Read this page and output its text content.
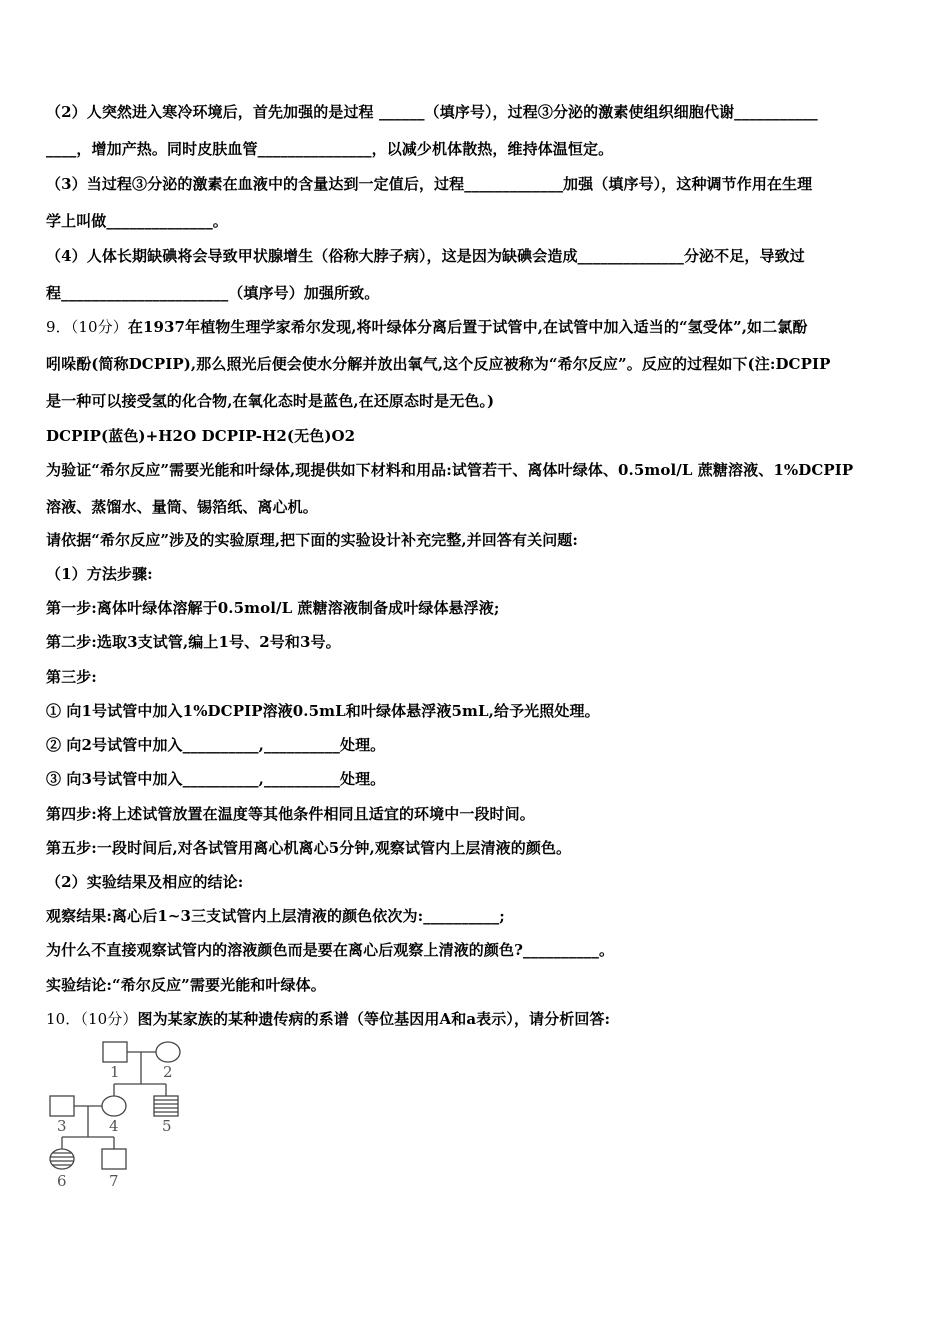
（2）人突然进入寒冷环境后，首先加强的是过程 ______（填序号），过程③分泌的激素使组织细胞代谢___________
____，增加产热。同时皮肤血管_______________，以减少机体散热，维持体温恒定。
（3）当过程③分泌的激素在血液中的含量达到一定值后，过程_____________加强（填序号），这种调节作用在生理
学上叫做______________。
（4）人体长期缺碘将会导致甲状腺增生（俗称大脖子病），这是因为缺碘会造成______________分泌不足，导致过
程______________________（填序号）加强所致。
9．（10分）在1937年植物生理学家希尔发现,将叶绿体分离后置于试管中,在试管中加入适当的“氢受体”,如二氯酚
吲哚酚(简称DCPIP),那么照光后便会使水分解并放出氧气,这个反应被称为“希尔反应”。反应的过程如下(注:DCPIP
是一种可以接受氢的化合物,在氧化态时是蓝色,在还原态时是无色。)
DCPIP(蓝色)+H2O DCPIP-H2(无色)O2
为验证“希尔反应”需要光能和叶绿体,现提供如下材料和用品:试管若干、离体叶绿体、0.5mol/L 蔗糖溶液、1%DCPIP
溶液、蒸馏水、量筒、锡箔纸、离心机。
请依据“希尔反应”涉及的实验原理,把下面的实验设计补充完整,并回答有关问题:
（1）方法步骤:
第一步:离体叶绿体溶解于0.5mol/L 蔗糖溶液制备成叶绿体悬浮液;
第二步:选取3支试管,编上1号、2号和3号。
第三步:
① 向1号试管中加入1%DCPIP溶液0.5mL和叶绿体悬浮液5mL,给予光照处理。
② 向2号试管中加入__________,__________处理。
③ 向3号试管中加入__________,__________处理。
第四步:将上述试管放置在温度等其他条件相同且适宜的环境中一段时间。
第五步:一段时间后,对各试管用离心机离心5分钟,观察试管内上层清液的颜色。
（2）实验结果及相应的结论:
观察结果:离心后1~3三支试管内上层清液的颜色依次为:__________;
为什么不直接观察试管内的溶液颜色而是要在离心后观察上清液的颜色?__________。
实验结论:“希尔反应”需要光能和叶绿体。
10．（10分）图为某家族的某种遗传病的系谱（等位基因用A和a表示），请分析回答:
1	2
3	4	5
6	7
